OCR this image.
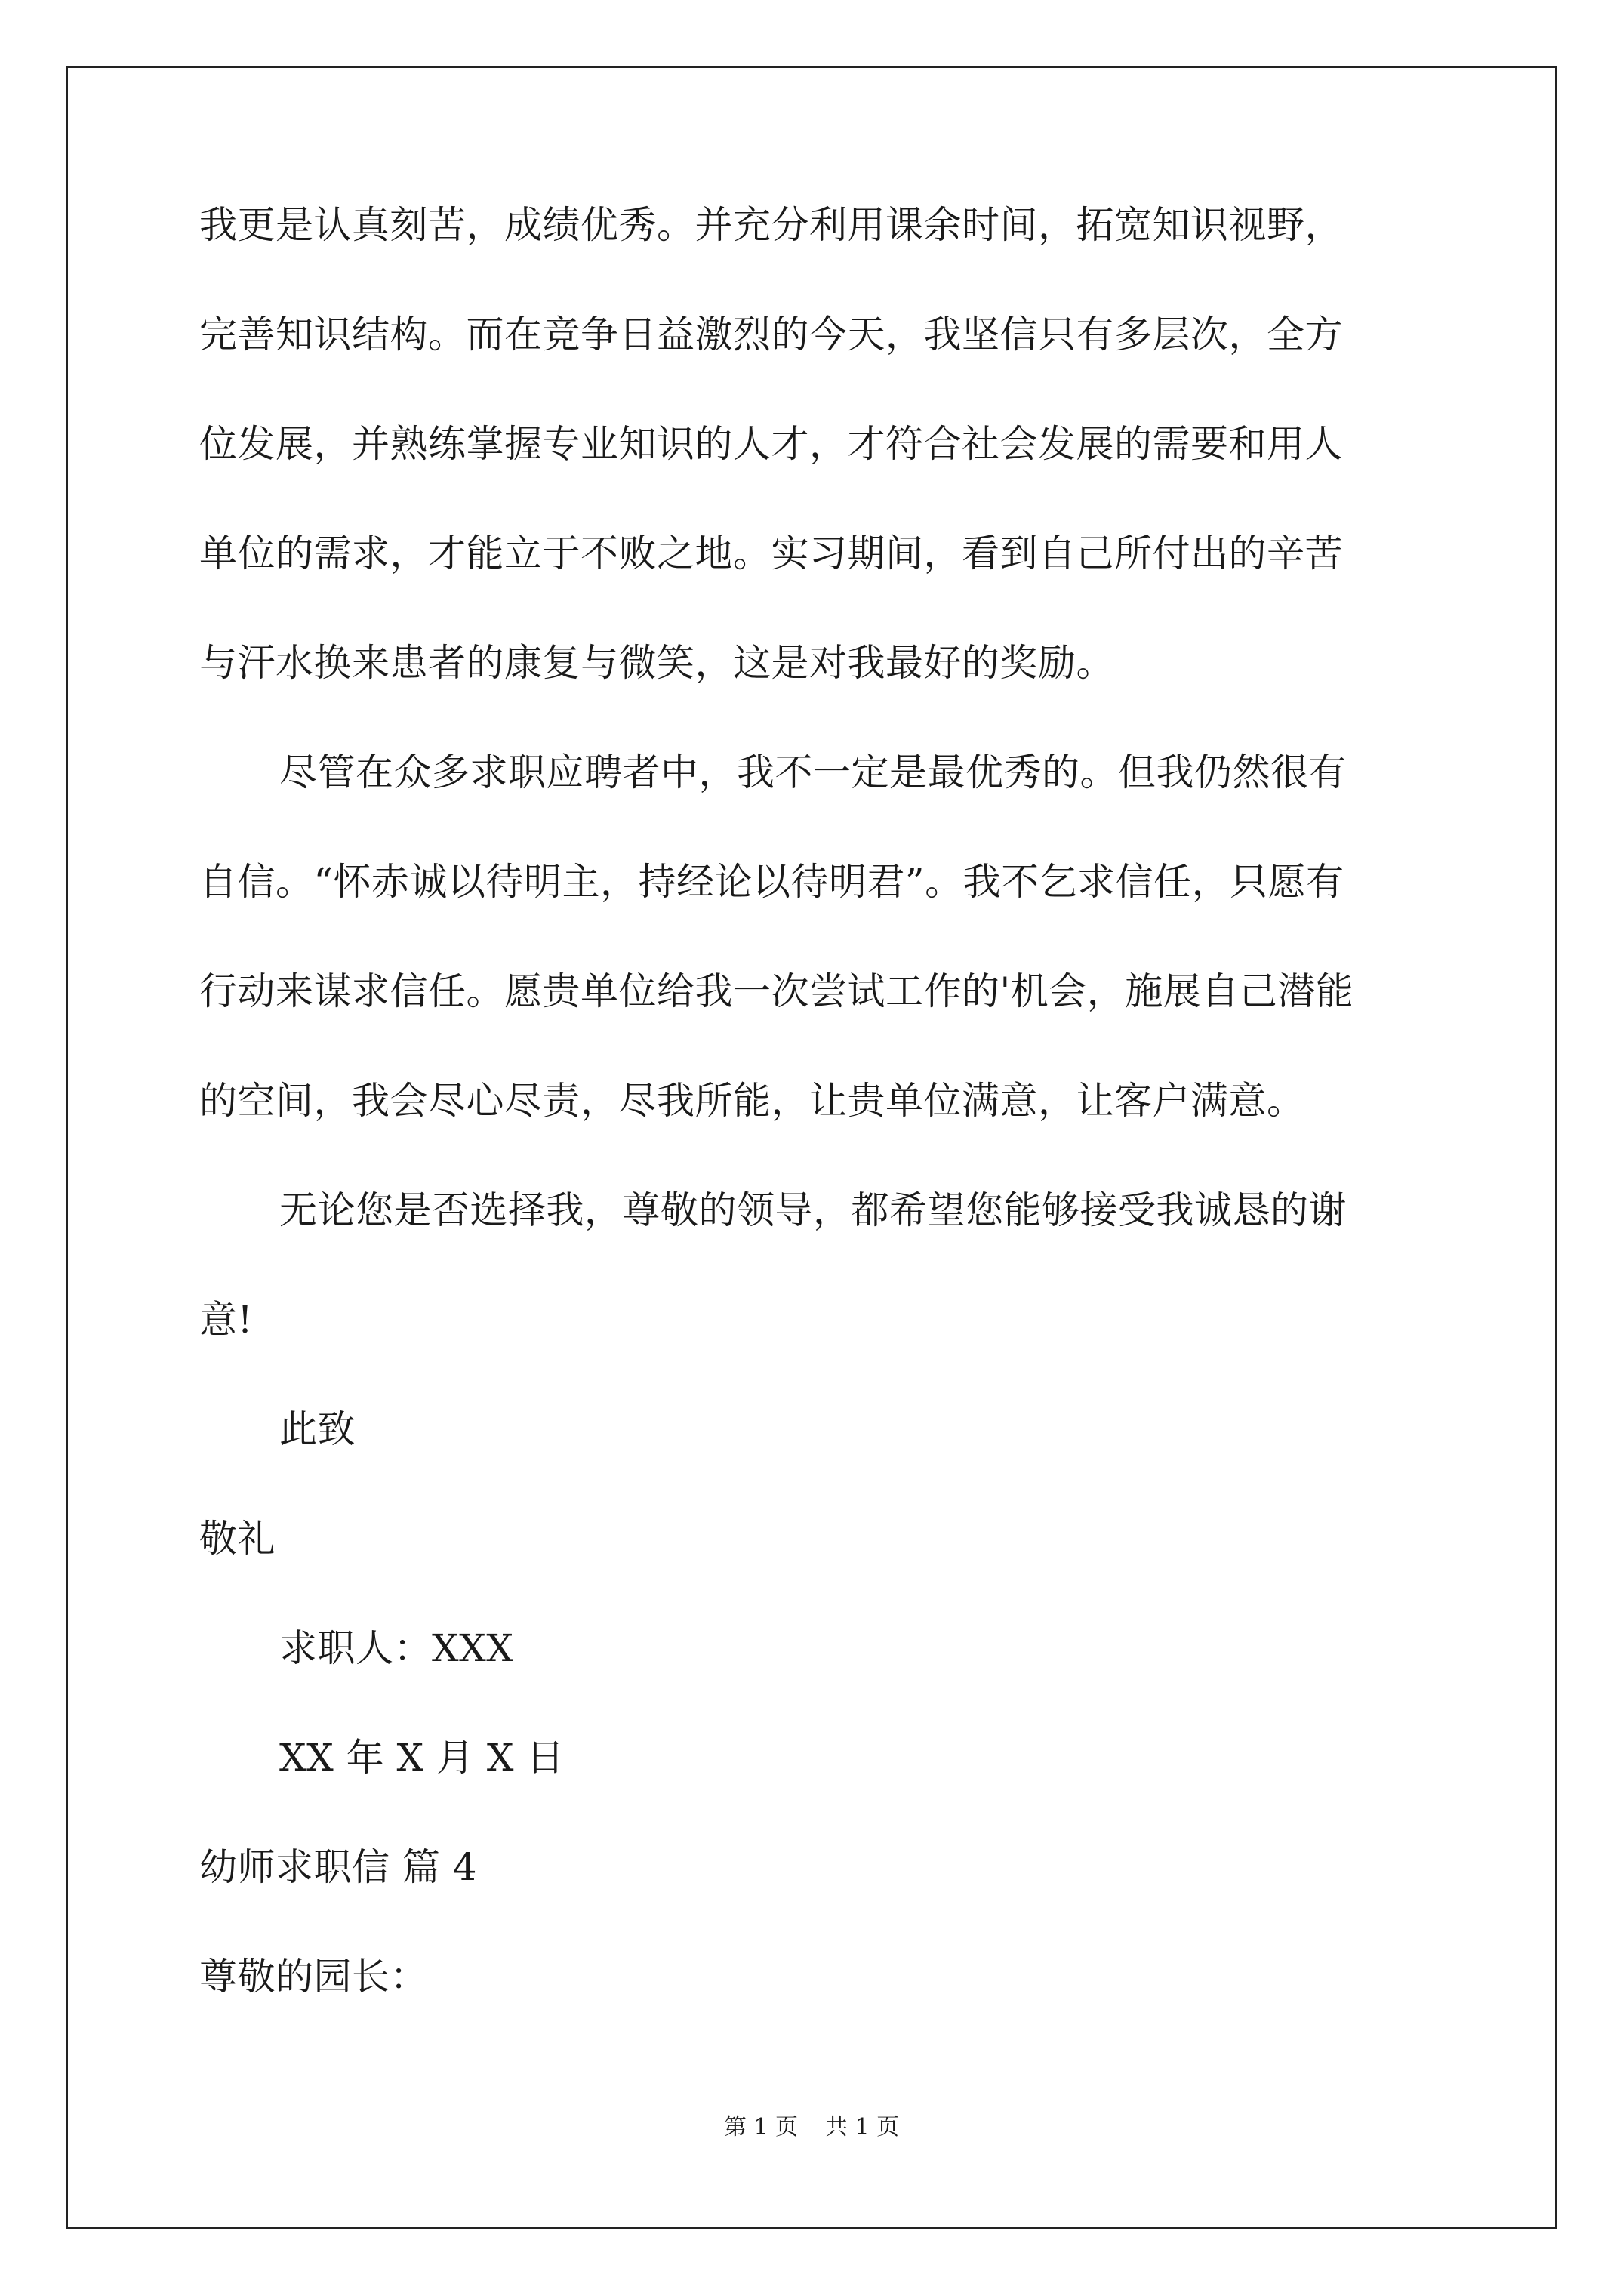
我更是认真刻苦，成绩优秀。并充分利用课余时间，拓宽知识视野，
完善知识结构。而在竞争日益激烈的今天，我坚信只有多层次，全方
位发展，并熟练掌握专业知识的人才，才符合社会发展的需要和用人
单位的需求，才能立于不败之地。实习期间，看到自己所付出的辛苦
与汗水换来患者的康复与微笑，这是对我最好的奖励。
尽管在众多求职应聘者中，我不一定是最优秀的。但我仍然很有
自信。“怀赤诚以待明主，持经论以待明君”。我不乞求信任，只愿有
行动来谋求信任。愿贵单位给我一次尝试工作的'机会，施展自己潜能
的空间，我会尽心尽责，尽我所能，让贵单位满意，让客户满意。
无论您是否选择我，尊敬的领导，都希望您能够接受我诚恳的谢
意!
此致
敬礼
求职人：XXX
XX 年 X 月 X 日
幼师求职信 篇 4
尊敬的园长：
第 1 页 共 1 页
